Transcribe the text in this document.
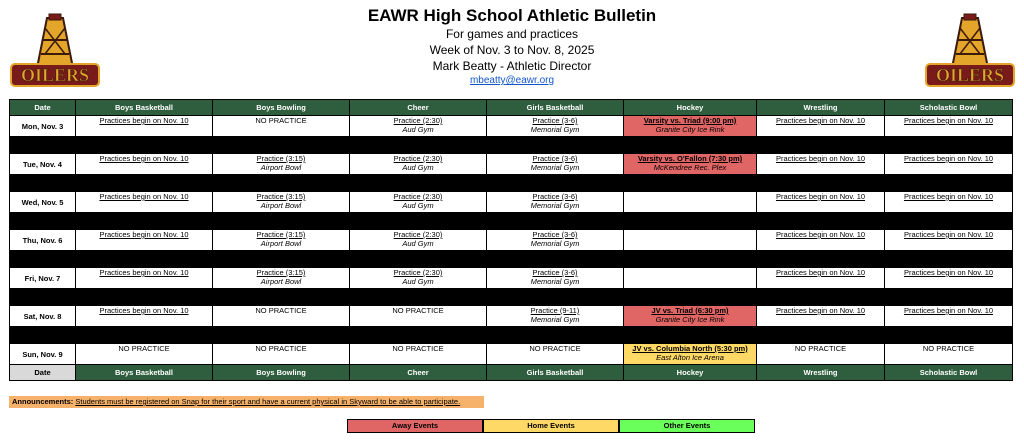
OILERS	OILERS
EAWR High School Athletic Bulletin
For games and practices
Week of Nov. 3 to Nov. 8, 2025
Mark Beatty - Athletic Director
mbeatty@eawr.org
Date	Boys Basketball	Boys Bowling	Cheer	Girls Basketball	Hockey	Wrestling	Scholastic Bowl
Mon, Nov. 3	Practices begin on Nov. 10	NO PRACTICE	Practice (2:30)
Aud Gym	Practice (3-6)
Memorial Gym	Varsity vs. Triad (9:00 pm)
Granite City Ice Rink	Practices begin on Nov. 10	Practices begin on Nov. 10

Tue, Nov. 4	Practices begin on Nov. 10	Practice (3:15)
Airport Bowl	Practice (2:30)
Aud Gym	Practice (3-6)
Memorial Gym	Varsity vs. O'Fallon (7:30 pm)
McKendree Rec. Plex	Practices begin on Nov. 10	Practices begin on Nov. 10

Wed, Nov. 5	Practices begin on Nov. 10	Practice (3:15)
Airport Bowl	Practice (2:30)
Aud Gym	Practice (3-6)
Memorial Gym		Practices begin on Nov. 10	Practices begin on Nov. 10

Thu, Nov. 6	Practices begin on Nov. 10	Practice (3:15)
Airport Bowl	Practice (2:30)
Aud Gym	Practice (3-6)
Memorial Gym		Practices begin on Nov. 10	Practices begin on Nov. 10

Fri, Nov. 7	Practices begin on Nov. 10	Practice (3:15)
Airport Bowl	Practice (2:30)
Aud Gym	Practice (3-6)
Memorial Gym		Practices begin on Nov. 10	Practices begin on Nov. 10

Sat, Nov. 8	Practices begin on Nov. 10	NO PRACTICE	NO PRACTICE	Practice (9-11)
Memorial Gym	JV vs. Triad (6:30 pm)
Granite City Ice Rink	Practices begin on Nov. 10	Practices begin on Nov. 10

Sun, Nov. 9	NO PRACTICE	NO PRACTICE	NO PRACTICE	NO PRACTICE	JV vs. Columbia North (5:30 pm)
East Alton Ice Arena	NO PRACTICE	NO PRACTICE

Date	Boys Basketball	Boys Bowling	Cheer	Girls Basketball	Hockey	Wrestling	Scholastic Bowl
Announcements: Students must be registered on Snap for their sport and have a current physical in Skyward to be able to participate.
Away Events	Home Events	Other Events
